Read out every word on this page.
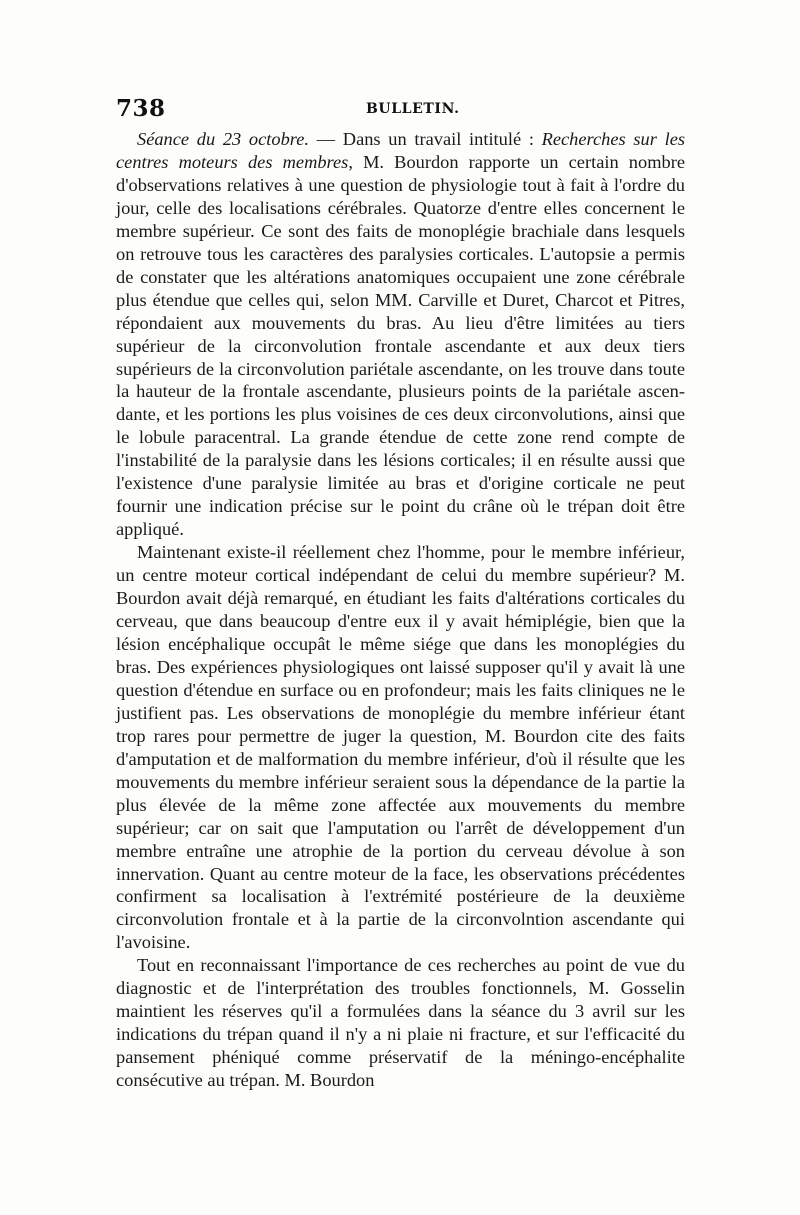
738	BULLETIN.

Séance du 23 octobre. — Dans un travail intitulé : Recherches sur les centres moteurs des membres, M. Bourdon rapporte un certain nombre d'observations relatives à une question de physiologie tout à fait à l'ordre du jour, celle des localisations cérébrales. Quatorze d'entre elles concernent le membre supérieur. Ce sont des faits de monoplégie brachiale dans lesquels on retrouve tous les caractères des paralysies corticales. L'autopsie a permis de constater que les altérations anatomiques occupaient une zone cérébrale plus étendue que celles qui, selon MM. Carville et Duret, Charcot et Pitres, répondaient aux mouvements du bras. Au lieu d'être limitées au tiers supérieur de la circonvolution frontale ascendante et aux deux tiers supérieurs de la circonvolution pariétale ascendante, on les trouve dans toute la hauteur de la frontale ascendante, plusieurs points de la pariétale ascendante, et les portions les plus voisines de ces deux circonvolutions, ainsi que le lobule paracentral. La grande étendue de cette zone rend compte de l'instabilité de la paralysie dans les lésions corticales; il en résulte aussi que l'existence d'une paralysie limitée au bras et d'origine corticale ne peut fournir une indication précise sur le point du crâne où le trépan doit être appliqué.

Maintenant existe-il réellement chez l'homme, pour le membre inférieur, un centre moteur cortical indépendant de celui du membre supérieur? M. Bourdon avait déjà remarqué, en étudiant les faits d'altérations corticales du cerveau, que dans beaucoup d'entre eux il y avait hémiplégie, bien que la lésion encéphalique occupât le même siége que dans les monoplégies du bras. Des expériences physiologiques ont laissé supposer qu'il y avait là une question d'étendue en surface ou en profondeur; mais les faits cliniques ne le justifient pas. Les observations de monoplégie du membre inférieur étant trop rares pour permettre de juger la question, M. Bourdon cite des faits d'amputation et de malformation du membre inférieur, d'où il résulte que les mouvements du membre inférieur seraient sous la dépendance de la partie la plus élevée de la même zone affectée aux mouvements du membre supérieur; car on sait que l'amputation ou l'arrêt de développement d'un membre entraîne une atrophie de la portion du cerveau dévolue à son innervation. Quant au centre moteur de la face, les observations précédentes confirment sa localisation à l'extrémité postérieure de la deuxième circonvolution frontale et à la partie de la circonvolntion ascendante qui l'avoisine.

Tout en reconnaissant l'importance de ces recherches au point de vue du diagnostic et de l'interprétation des troubles fonctionnels, M. Gosselin maintient les réserves qu'il a formulées dans la séance du 3 avril sur les indications du trépan quand il n'y a ni plaie ni fracture, et sur l'efficacité du pansement phéniqué comme préservatif de la méningo-encéphalite consécutive au trépan. M. Bourdon
